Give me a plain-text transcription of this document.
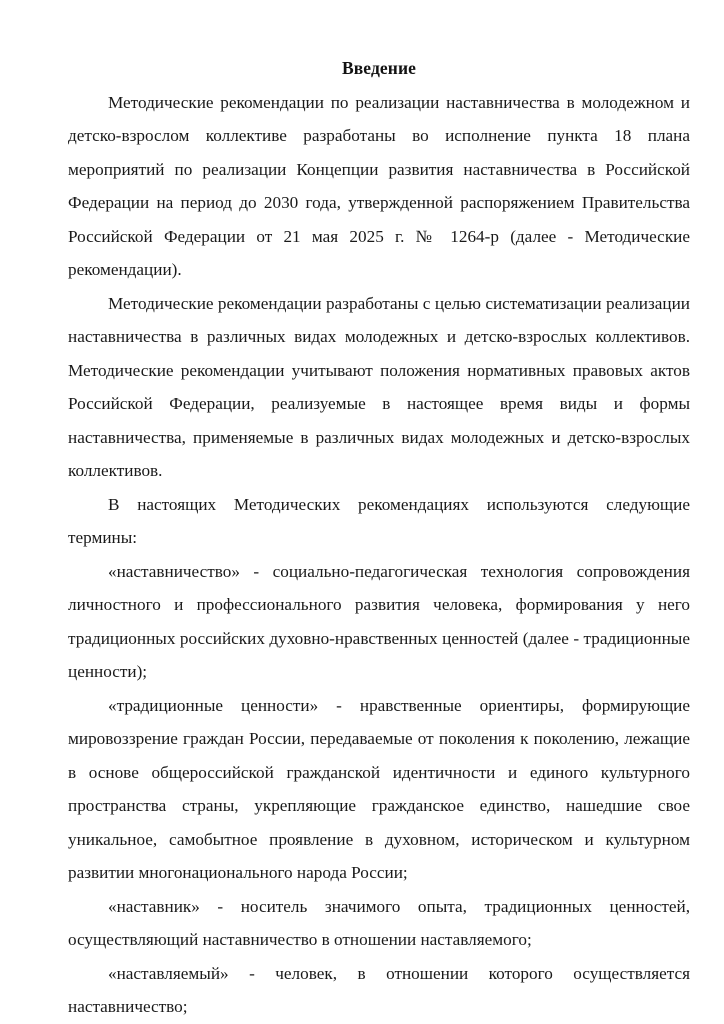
Введение

Методические рекомендации по реализации наставничества в молодежном и детско-взрослом коллективе разработаны во исполнение пункта 18 плана мероприятий по реализации Концепции развития наставничества в Российской Федерации на период до 2030 года, утвержденной распоряжением Правительства Российской Федерации от 21 мая 2025 г. № 1264-р (далее - Методические рекомендации).

Методические рекомендации разработаны с целью систематизации реализации наставничества в различных видах молодежных и детско-взрослых коллективов. Методические рекомендации учитывают положения нормативных правовых актов Российской Федерации, реализуемые в настоящее время виды и формы наставничества, применяемые в различных видах молодежных и детско-взрослых коллективов.

В настоящих Методических рекомендациях используются следующие термины:

«наставничество» - социально-педагогическая технология сопровождения личностного и профессионального развития человека, формирования у него традиционных российских духовно-нравственных ценностей (далее - традиционные ценности);

«традиционные ценности» - нравственные ориентиры, формирующие мировоззрение граждан России, передаваемые от поколения к поколению, лежащие в основе общероссийской гражданской идентичности и единого культурного пространства страны, укрепляющие гражданское единство, нашедшие свое уникальное, самобытное проявление в духовном, историческом и культурном развитии многонационального народа России;

«наставник» - носитель значимого опыта, традиционных ценностей, осуществляющий наставничество в отношении наставляемого;

«наставляемый» - человек, в отношении которого осуществляется наставничество;
